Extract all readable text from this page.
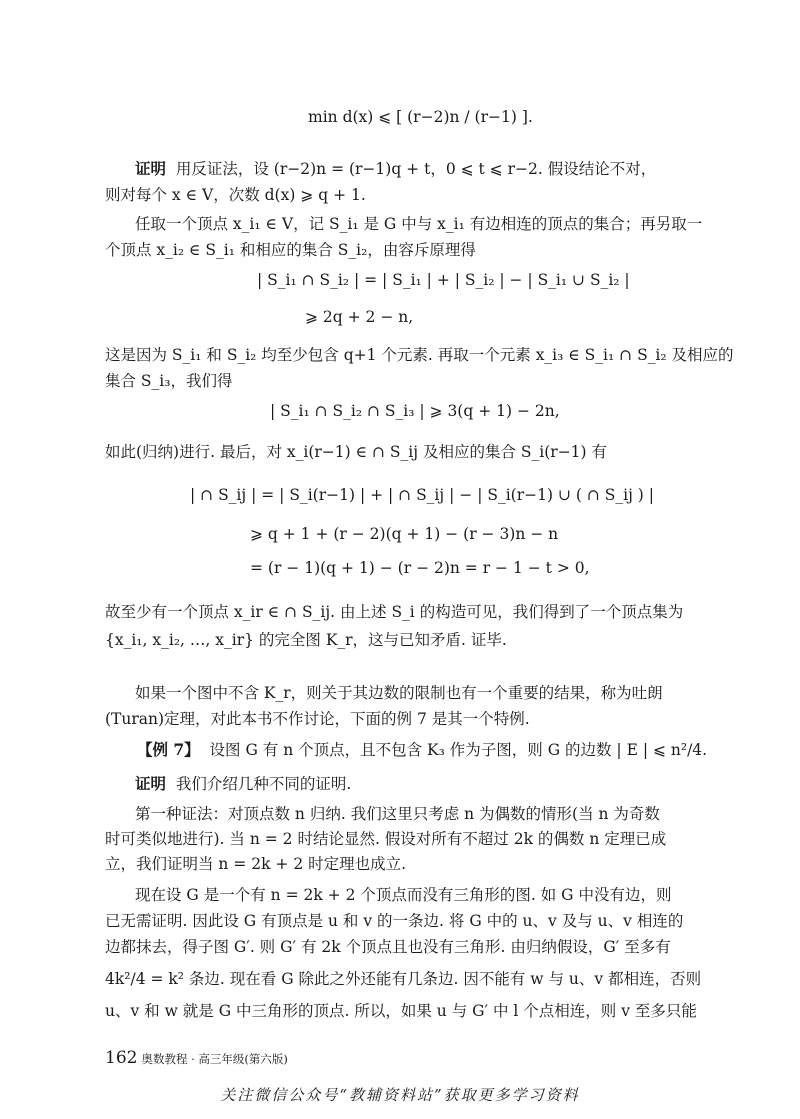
min d(x) ⩽ [ (r−2)n / (r−1) ].
证明 用反证法，设 (r−2)n = (r−1)q + t，0 ⩽ t ⩽ r−2. 假设结论不对，
则对每个 x ∈ V，次数 d(x) ⩾ q + 1.
任取一个顶点 x_i₁ ∈ V，记 S_i₁ 是 G 中与 x_i₁ 有边相连的顶点的集合；再另取一
个顶点 x_i₂ ∈ S_i₁ 和相应的集合 S_i₂，由容斥原理得
| S_i₁ ∩ S_i₂ | = | S_i₁ | + | S_i₂ | − | S_i₁ ∪ S_i₂ |
⩾ 2q + 2 − n,
这是因为 S_i₁ 和 S_i₂ 均至少包含 q+1 个元素. 再取一个元素 x_i₃ ∈ S_i₁ ∩ S_i₂ 及相应的
集合 S_i₃，我们得
| S_i₁ ∩ S_i₂ ∩ S_i₃ | ⩾ 3(q + 1) − 2n,
如此(归纳)进行. 最后，对 x_i(r−1) ∈ ∩ S_ij 及相应的集合 S_i(r−1) 有
| ∩ S_ij | = | S_i(r−1) | + | ∩ S_ij | − | S_i(r−1) ∪ ( ∩ S_ij ) |
⩾ q + 1 + (r − 2)(q + 1) − (r − 3)n − n
= (r − 1)(q + 1) − (r − 2)n = r − 1 − t > 0,
故至少有一个顶点 x_ir ∈ ∩ S_ij. 由上述 S_i 的构造可见，我们得到了一个顶点集为
{x_i₁, x_i₂, …, x_ir} 的完全图 K_r，这与已知矛盾. 证毕.
如果一个图中不含 K_r，则关于其边数的限制也有一个重要的结果，称为吐朗
(Turan)定理，对此本书不作讨论，下面的例 7 是其一个特例.
【例 7】 设图 G 有 n 个顶点，且不包含 K₃ 作为子图，则 G 的边数 | E | ⩽ n²/4.
证明 我们介绍几种不同的证明.
第一种证法：对顶点数 n 归纳. 我们这里只考虑 n 为偶数的情形(当 n 为奇数
时可类似地进行). 当 n = 2 时结论显然. 假设对所有不超过 2k 的偶数 n 定理已成
立，我们证明当 n = 2k + 2 时定理也成立.
现在设 G 是一个有 n = 2k + 2 个顶点而没有三角形的图. 如 G 中没有边，则
已无需证明. 因此设 G 有顶点是 u 和 v 的一条边. 将 G 中的 u、v 及与 u、v 相连的
边都抹去，得子图 G′. 则 G′ 有 2k 个顶点且也没有三角形. 由归纳假设，G′ 至多有
4k²/4 = k² 条边. 现在看 G 除此之外还能有几条边. 因不能有 w 与 u、v 都相连，否则
u、v 和 w 就是 G 中三角形的顶点. 所以，如果 u 与 G′ 中 l 个点相连，则 v 至多只能
162 奥数教程 · 高三年级(第六版)
关注微信公众号“教辅资料站”获取更多学习资料
